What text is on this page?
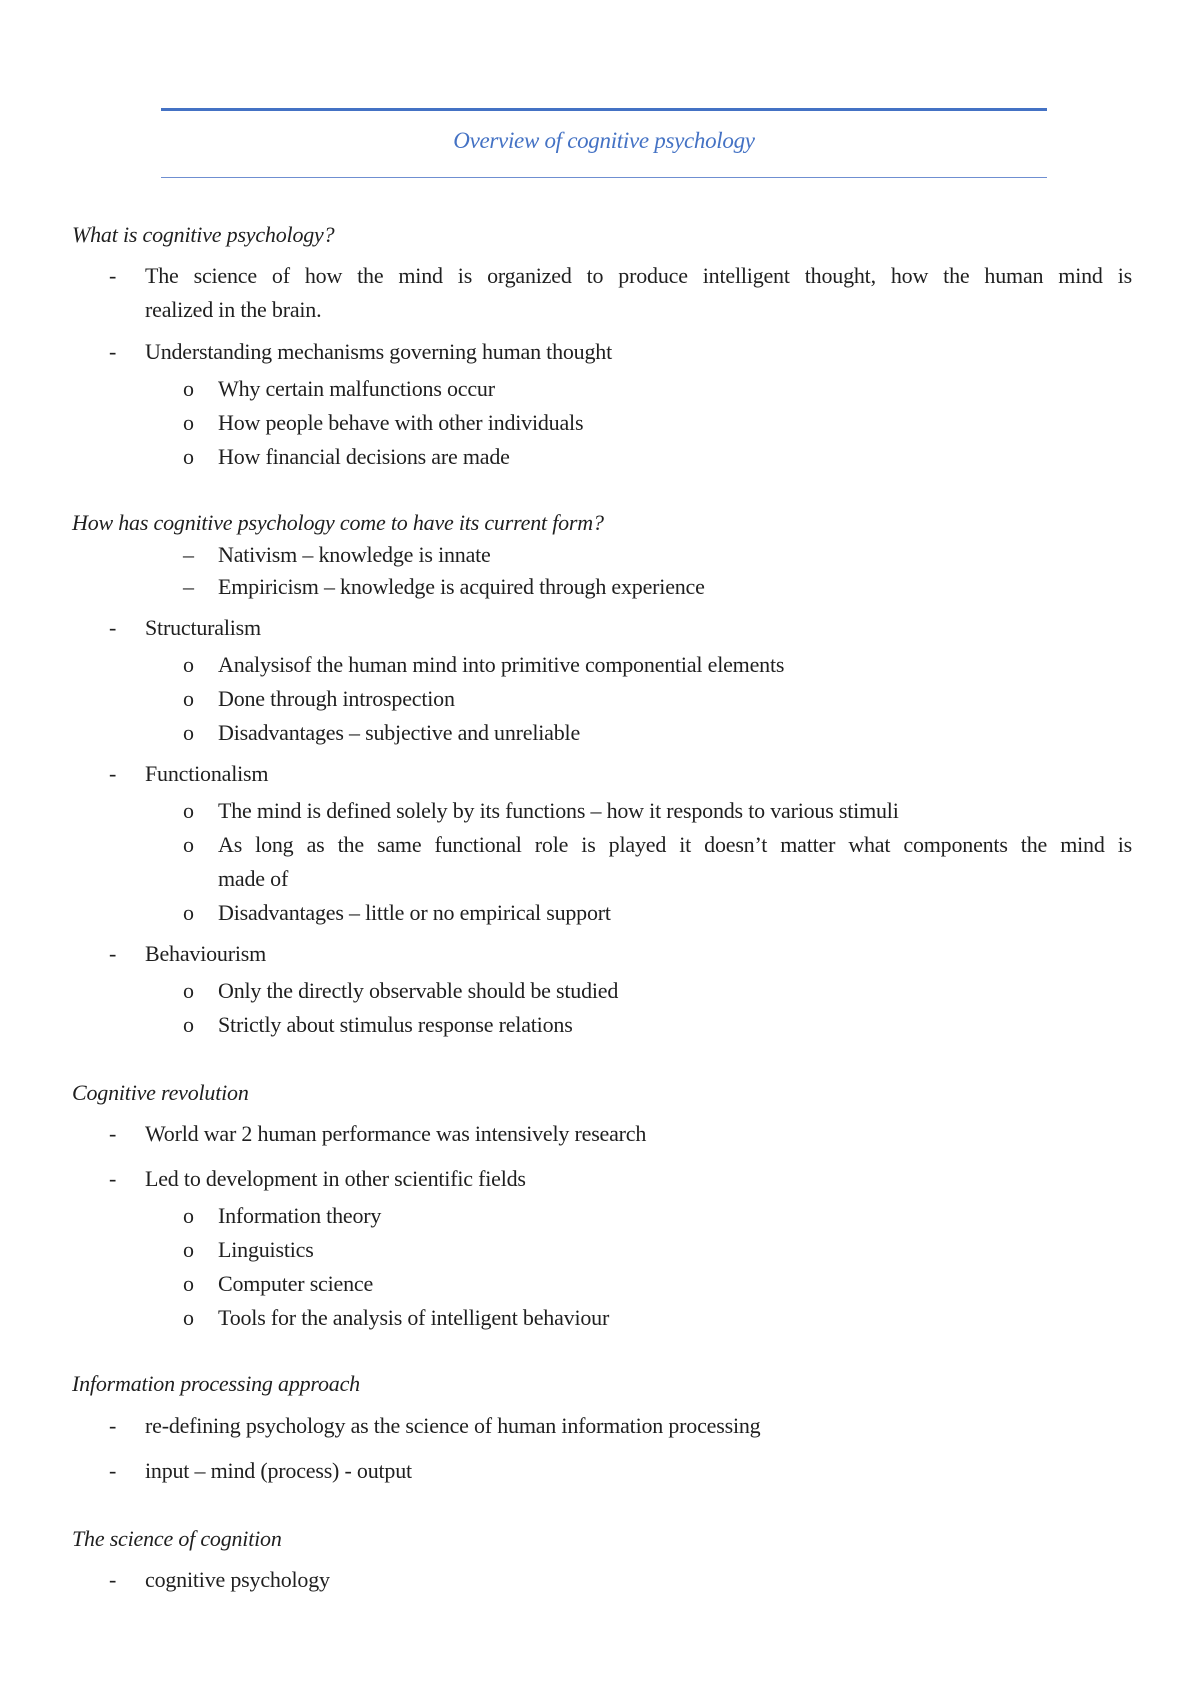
Overview of cognitive psychology
What is cognitive psychology?
- The science of how the mind is organized to produce intelligent thought, how the human mind is
realized in the brain.
- Understanding mechanisms governing human thought
o Why certain malfunctions occur
o How people behave with other individuals
o How financial decisions are made
How has cognitive psychology come to have its current form?
– Nativism – knowledge is innate
– Empiricism – knowledge is acquired through experience
- Structuralism
o Analysisof the human mind into primitive componential elements
o Done through introspection
o Disadvantages – subjective and unreliable
- Functionalism
o The mind is defined solely by its functions – how it responds to various stimuli
o As long as the same functional role is played it doesn’t matter what components the mind is
made of
o Disadvantages – little or no empirical support
- Behaviourism
o Only the directly observable should be studied
o Strictly about stimulus response relations
Cognitive revolution
- World war 2 human performance was intensively research
- Led to development in other scientific fields
o Information theory
o Linguistics
o Computer science
o Tools for the analysis of intelligent behaviour
Information processing approach
- re-defining psychology as the science of human information processing
- input – mind (process) - output
The science of cognition
- cognitive psychology
